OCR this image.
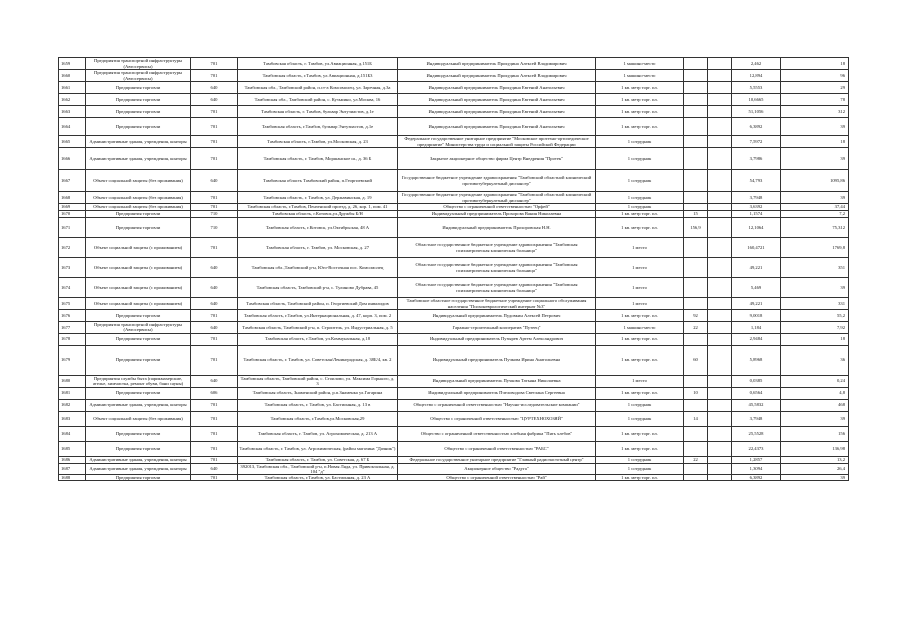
1659	Предприятия транспортной инфраструктуры (Автосервисы)	701	Тамбовская область, г. Тамбов, ул.Авиационная, д.151Б	Индивидуальный предприниматель Прокудина Алексей Владимирович	1 машино-место			2,462	18
1660	Предприятия транспортной инфраструктуры (Автосервисы)	701	Тамбовская область, г.Тамбов, ул.Авиационная, д.151Б3	Индивидуальный предприниматель Прокудина Алексей Владимирович	1 машино-место			12,894	96
1661	Предприятия торговли	640	Тамбовская обл., Тамбовский район, п.ст-а Комсомолец, ул. Заречная, д.3а	Индивидуальный предприниматель Прокудина Евгений Анатольевич	1 кв. метр торг. пл.			5,5553	29
1662	Предприятия торговли	640	Тамбовская обл., Тамбовский район, с. Кузьмино, ул.Москва, 16	Индивидуальный предприниматель Прокудина Евгений Анатольевич	1 кв. метр торг. пл.			10,6665	78
1663	Предприятия торговли	701	Тамбовская область, г. Тамбов, бульвар Энтузиастов, д.1е	Индивидуальный предприниматель Прокудина Евгений Анатольевич	1 кв. метр торг. пл.			51,1056	312
1664	Предприятия торговли	701	Тамбовская область, г.Тамбов, бульвар Энтузиастов, д.1е	Индивидуальный предприниматель Прокудина Евгений Анатольевич	1 кв. метр торг. пл.			6,3892	39
1665	Административные здания, учреждения, конторы	701	Тамбовская область, г.Тамбов, ул.Московская, д. 23	Федеральное государственное унитарное предприятие "Московское протезно-ортопедическое предприятие" Министерства труда и социальной защиты Российской Федерации	1 сотрудник			7,5972	18
1666	Административные здания, учреждения, конторы	701	Тамбовская область, г. Тамбов, Моршанское ш., д. 36 Б	Закрытое акционерное общество фирма Центр Внедрения "Протек"	1 сотрудник			3,7986	39
1667	Объект социальной защиты (без проживания)	640	Тамбовская область Тамбовский район, п.Георгиевский	Государственное бюджетное учреждение здравоохранения "Тамбовский областной клинический противотуберкулезный диспансер"	1 сотрудник			54,793	1095,86
1668	Объект социальной защиты (без проживания)	701	Тамбовская область, г. Тамбов, ул. Державинская, д. 19	Государственное бюджетное учреждение здравоохранения "Тамбовский областной клинический противотуберкулезный диспансер"	1 сотрудник			3,7948	39
1669	Объект социальной защиты (без проживания)	701	Тамбовская область, г.Тамбов, Пензенский проезд, д. 26, кор. 1, пом. 41	Общество с ограниченной ответственностью "Орфей"	1 сотрудник			3,6392	37,44
1670	Предприятия торговли	710	Тамбовская область, г.Котовск,ул.Дружбы Б/Н	Индивидуальный предприниматель Прохорова Вания Николаевна	1 кв. метр торг. пл.	15		1,1574	7,2
1671	Предприятия торговли	710	Тамбовская область, г.Котовск, ул.Октябрьская, 48 А	Индивидуальный предприниматель Прохоровская Н.Н.	1 кв. метр торг. пл.	156,9		12,1064	75,312
1672	Объект социальной защиты (с проживанием)	701	Тамбовская область, г. Тамбов, ул. Московская, д. 27	Областное государственное бюджетное учреждение здравоохранения "Тамбовская психиатрическая клиническая больница"	1 место			160,4721	1769,8
1673	Объект социальной защиты (с проживанием)	640	Тамбовская обл.,Тамбовский р-н, Юго-Восточная пос. Комсомолец	Областное государственное бюджетное учреждение здравоохранения "Тамбовская психиатрическая клиническая больница"	1 место			49,221	351
1674	Объект социальной защиты (с проживанием)	640	Тамбовская область, Тамбовский р-н, с. Тулиново Дубрава, 45	Областное государственное бюджетное учреждение здравоохранения "Тамбовская психиатрическая клиническая больница"	1 место			5,469	39
1675	Объект социальной защиты (с проживанием)	640	Тамбовская область, Тамбовский район, п. Георгиевский Дом инвалидов	Тамбовское областное государственное бюджетное учреждение социального обслуживания населения "Психоневрологический интернат №3"	1 место			49,221	331
1676	Предприятия торговли	701	Тамбовская область, г.Тамбов, ул.Интернациональная, д. 47, корп. 3, пом. 2	Индивидуальный предприниматель Пудовкин Алексей Петрович	1 кв. метр торг. пл.	92		9,0018	55,2
1677	Предприятия транспортной инфраструктуры (Автосервисы)	640	Тамбовская область, Тамбовский р-н, п. Строитель, ул. Индустриальная, д. 5	Гаражно-строительный кооператив "Путеец"	1 машино-место	22		1,184	7,92
1678	Предприятия торговли	701	Тамбовская область, г.Тамбов, ул.Коммунальная, д.18	Индивидуальный предприниматель Пузырев Артем Александрович	1 кв. метр торг. пл.			2,9484	18
1679	Предприятия торговли	701	Тамбовская область, г. Тамбов, ул. Советская/Ленинградская, д. 38Б/4, кв. 2	Индивидуальный предприниматель Пучкова Ирина Анатольевна	1 кв. метр торг. пл.	60		5,8968	36
1680	Предприятия службы быта (парикмахерские, ателье, химчистка, ремонт обуви, бани сауны)	640	Тамбовская область, Тамбовский район, с. Стоилово, ул. Максима Горького, д. 3	Индивидуальный предприниматель Пучкова Татьяна Николаевна	1 место			0,0385	0,24
1681	Предприятия торговли	606	Тамбовская область, Знаменский район, р.п.Знаменка ул.Гагарина	Индивидуальный предприниматель Пчеловодова Светлана Сергеевна	1 кв. метр торг. пл.	10		0,6564	4,8
1682	Административные здания, учреждения, конторы	701	Тамбовская область, г. Тамбов, ул. Бастионная, д. 13 в	Общество с ограниченной ответственностью "Научно-исследовательские компании"	1 сотрудник			45,5832	468
1683	Объект социальной защиты (без проживания)	701	Тамбовская область, г.Тамбов,ул.Московская,29	Общество с ограниченной ответственностью "ЦУРТЕХНОХОЗЯЙ"	1 сотрудник	14		3,7948	39
1684	Предприятия торговли	701	Тамбовская область, г. Тамбов, ул. Агрохимическая, д. 213 А	Общество с ограниченной ответственностью хлебная фабрика "Пять хлебов"	1 кв. метр торг. пл.			25,5528	156
1685	Предприятия торговли	701	Тамбовская область, г. Тамбов, ул. Агрохимическая, (район магазина "Дачник")	Общество с ограниченной ответственностью "РАБС"	1 кв. метр торг. пл.			22,4373	136,98
1686	Административные здания, учреждения, конторы	701	Тамбовская область, г. Тамбов, ул. Советская, д. 67 Б	Федеральное государственное унитарное предприятие "Главный радиочастотный центр"	1 сотрудник	22		1,2857	13,2
1687	Административные здания, учреждения, конторы	640	392013, Тамбовская обл., Тамбовский р-н, п.Новая Ляда, ул. Привокзальная, д. 104 "д"	Акционерное общество "Радуга"	1 сотрудник			1,3094	26,4
1688	Предприятия торговли	701	Тамбовская область, г.Тамбов, ул. Бастионная, д. 23 А	Общество с ограниченной ответственностью "Рай"	1 кв. метр торг. пл.			6,3892	39
